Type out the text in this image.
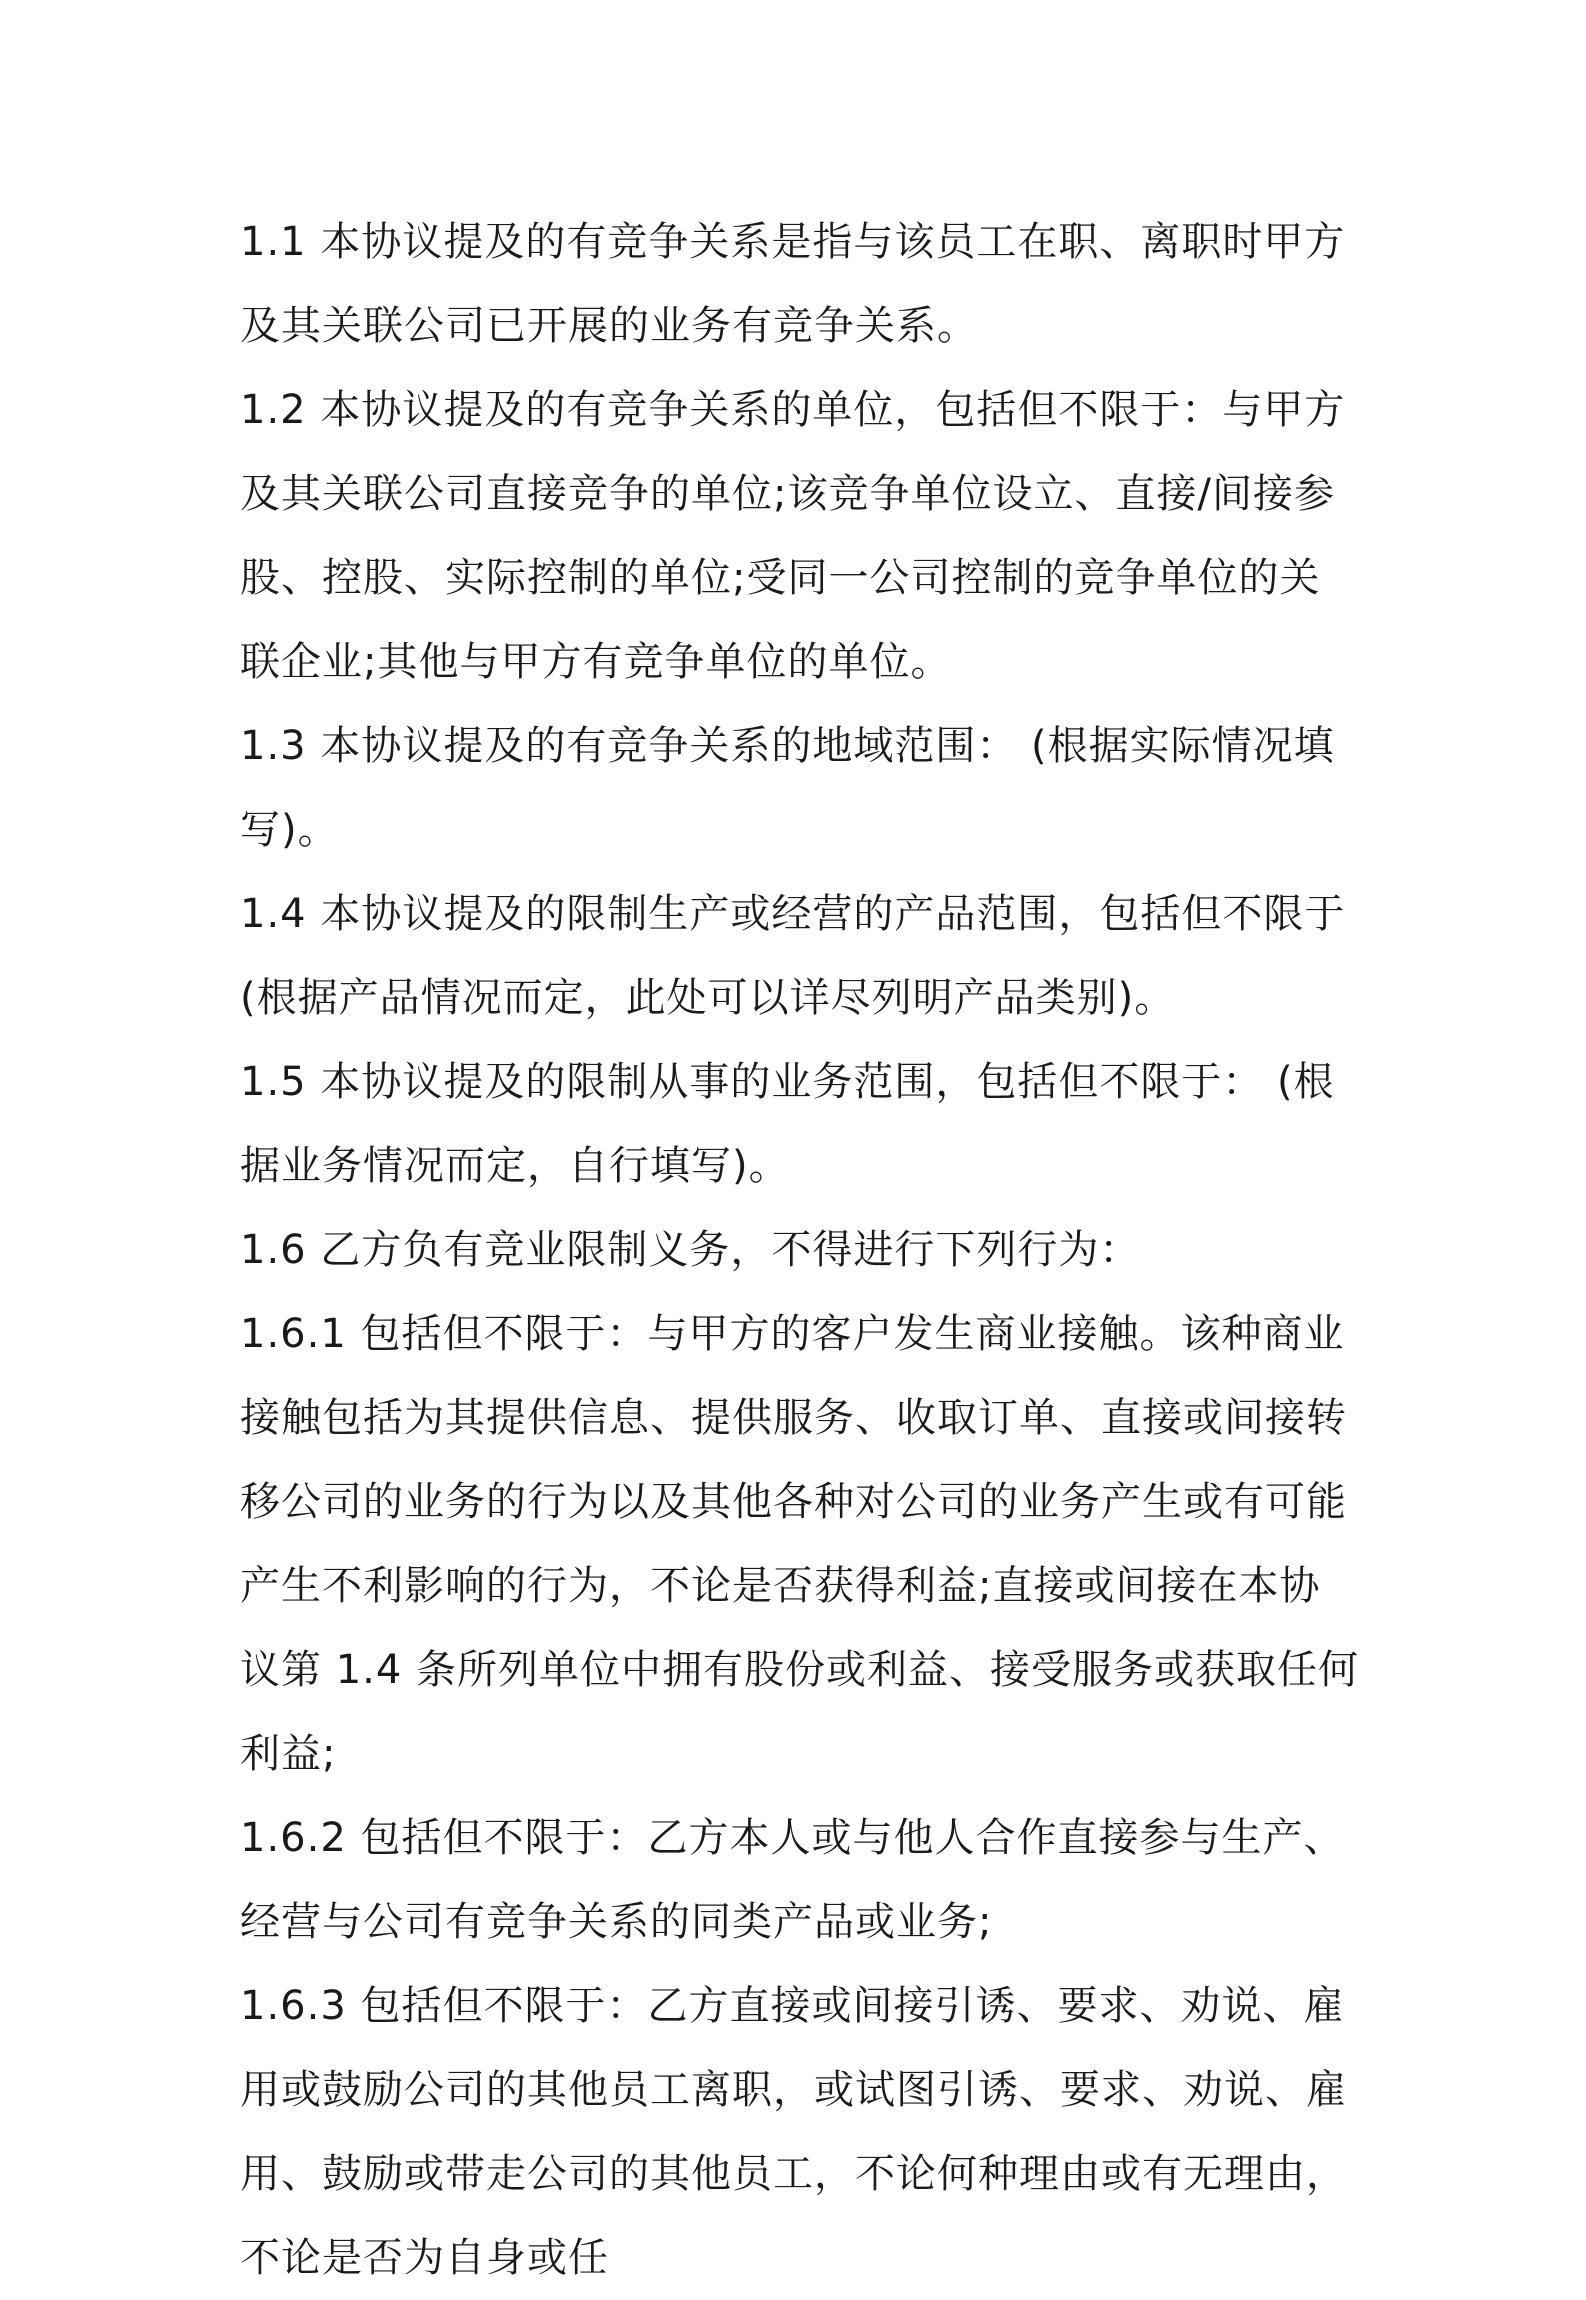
1.1 本协议提及的有竞争关系是指与该员工在职、离职时甲方及其关联公司已开展的业务有竞争关系。

1.2 本协议提及的有竞争关系的单位，包括但不限于：与甲方及其关联公司直接竞争的单位;该竞争单位设立、直接/间接参股、控股、实际控制的单位;受同一公司控制的竞争单位的关联企业;其他与甲方有竞争单位的单位。

1.3 本协议提及的有竞争关系的地域范围： (根据实际情况填写)。

1.4 本协议提及的限制生产或经营的产品范围，包括但不限于 (根据产品情况而定，此处可以详尽列明产品类别)。

1.5 本协议提及的限制从事的业务范围，包括但不限于： (根据业务情况而定，自行填写)。

1.6 乙方负有竞业限制义务，不得进行下列行为：

1.6.1 包括但不限于：与甲方的客户发生商业接触。该种商业接触包括为其提供信息、提供服务、收取订单、直接或间接转移公司的业务的行为以及其他各种对公司的业务产生或有可能产生不利影响的行为，不论是否获得利益;直接或间接在本协议第 1.4 条所列单位中拥有股份或利益、接受服务或获取任何利益;

1.6.2 包括但不限于：乙方本人或与他人合作直接参与生产、经营与公司有竞争关系的同类产品或业务;

1.6.3 包括但不限于：乙方直接或间接引诱、要求、劝说、雇用或鼓励公司的其他员工离职，或试图引诱、要求、劝说、雇用、鼓励或带走公司的其他员工，不论何种理由或有无理由，不论是否为自身或任
